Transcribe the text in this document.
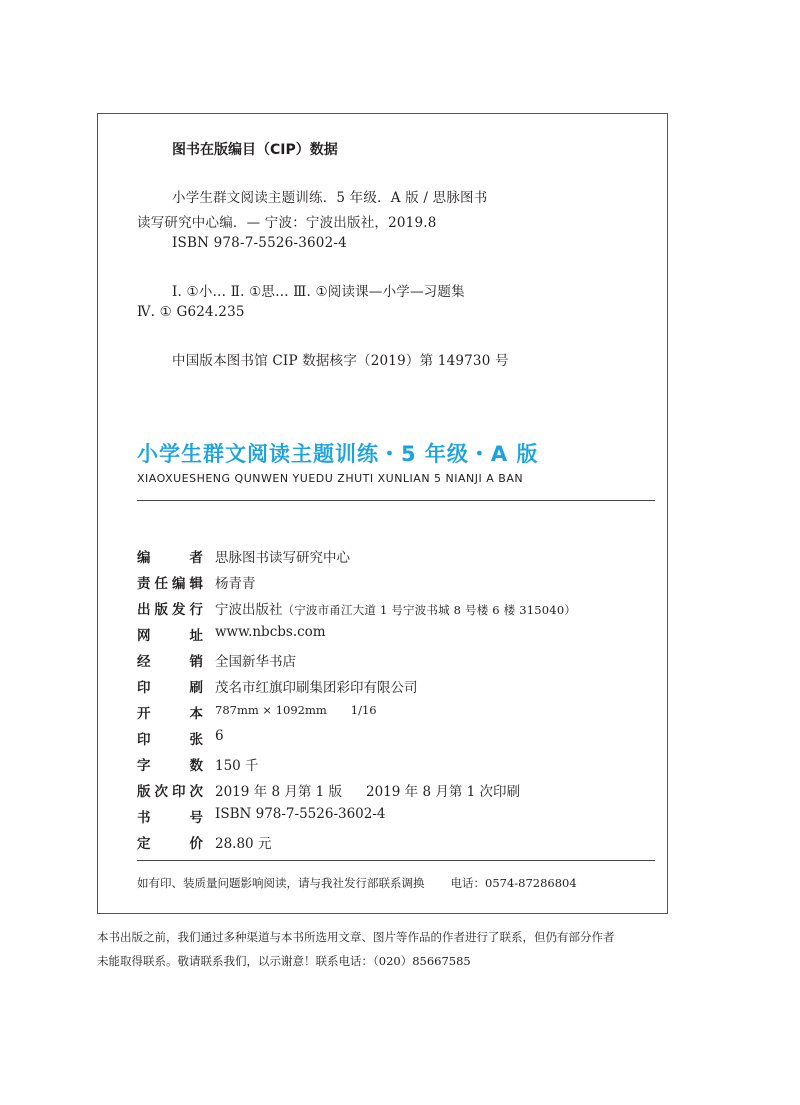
图书在版编目（CIP）数据
小学生群文阅读主题训练．5 年级．A 版 / 思脉图书
读写研究中心编．— 宁波：宁波出版社，2019.8
ISBN 978-7-5526-3602-4
Ⅰ. ①小… Ⅱ. ①思… Ⅲ. ①阅读课—小学—习题集
Ⅳ. ① G624.235
中国版本图书馆 CIP 数据核字（2019）第 149730 号
小学生群文阅读主题训练・5 年级・A 版
XIAOXUESHENG QUNWEN YUEDU ZHUTI XUNLIAN 5 NIANJI A BAN
编者 思脉图书读写研究中心
责任编辑 杨青青
出版发行 宁波出版社（宁波市甬江大道 1 号宁波书城 8 号楼 6 楼 315040）
网址 www.nbcbs.com
经销 全国新华书店
印刷 茂名市红旗印刷集团彩印有限公司
开本 787mm × 1092mm 1/16
印张 6
字数 150 千
版次印次 2019 年 8 月第 1 版 2019 年 8 月第 1 次印刷
书号 ISBN 978-7-5526-3602-4
定价 28.80 元
如有印、装质量问题影响阅读，请与我社发行部联系调换 电话：0574-87286804
本书出版之前，我们通过多种渠道与本书所选用文章、图片等作品的作者进行了联系，但仍有部分作者
未能取得联系。敬请联系我们，以示谢意！联系电话：（020）85667585
